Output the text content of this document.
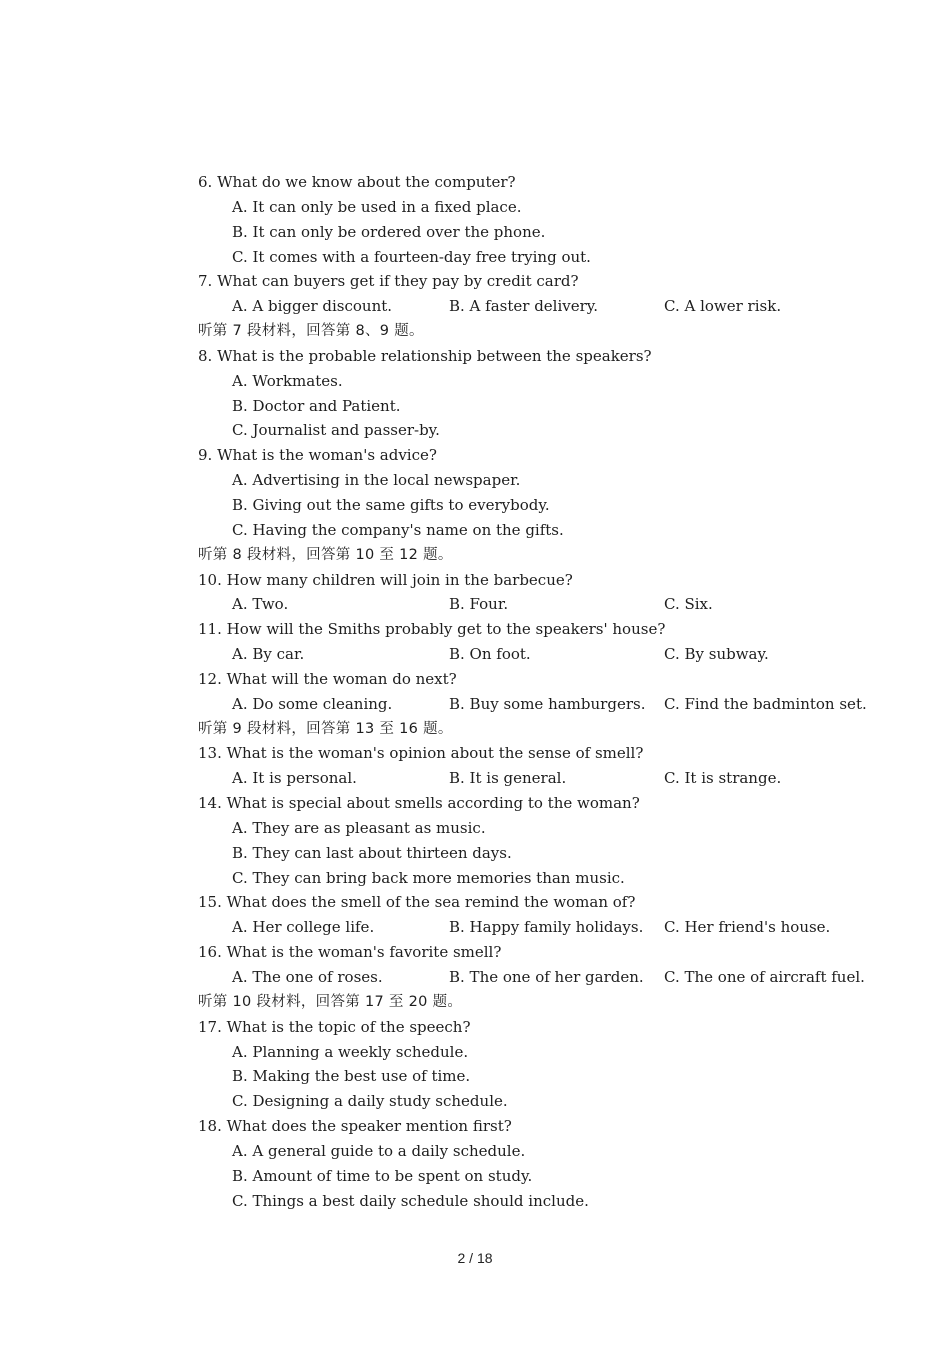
6. What do we know about the computer?
A. It can only be used in a fixed place.
B. It can only be ordered over the phone.
C. It comes with a fourteen-day free trying out.
7. What can buyers get if they pay by credit card?
A. A bigger discount.	B. A faster delivery.	C. A lower risk.
听第 7 段材料，回答第 8、9 题。
8. What is the probable relationship between the speakers?
A. Workmates.
B. Doctor and Patient.
C. Journalist and passer-by.
9. What is the woman's advice?
A. Advertising in the local newspaper.
B. Giving out the same gifts to everybody.
C. Having the company's name on the gifts.
听第 8 段材料，回答第 10 至 12 题。
10. How many children will join in the barbecue?
A. Two.	B. Four.	C. Six.
11. How will the Smiths probably get to the speakers' house?
A. By car.	B. On foot.	C. By subway.
12. What will the woman do next?
A. Do some cleaning.	B. Buy some hamburgers. C. Find the badminton set.
听第 9 段材料，回答第 13 至 16 题。
13. What is the woman's opinion about the sense of smell?
A. It is personal.	B. It is general.	C. It is strange.
14. What is special about smells according to the woman?
A. They are as pleasant as music.
B. They can last about thirteen days.
C. They can bring back more memories than music.
15. What does the smell of the sea remind the woman of?
A. Her college life.	B. Happy family holidays. C. Her friend's house.
16. What is the woman's favorite smell?
A. The one of roses.	B. The one of her garden. C. The one of aircraft fuel.
听第 10 段材料，回答第 17 至 20 题。
17. What is the topic of the speech?
A. Planning a weekly schedule.
B. Making the best use of time.
C. Designing a daily study schedule.
18. What does the speaker mention first?
A. A general guide to a daily schedule.
B. Amount of time to be spent on study.
C. Things a best daily schedule should include.
2 / 18
